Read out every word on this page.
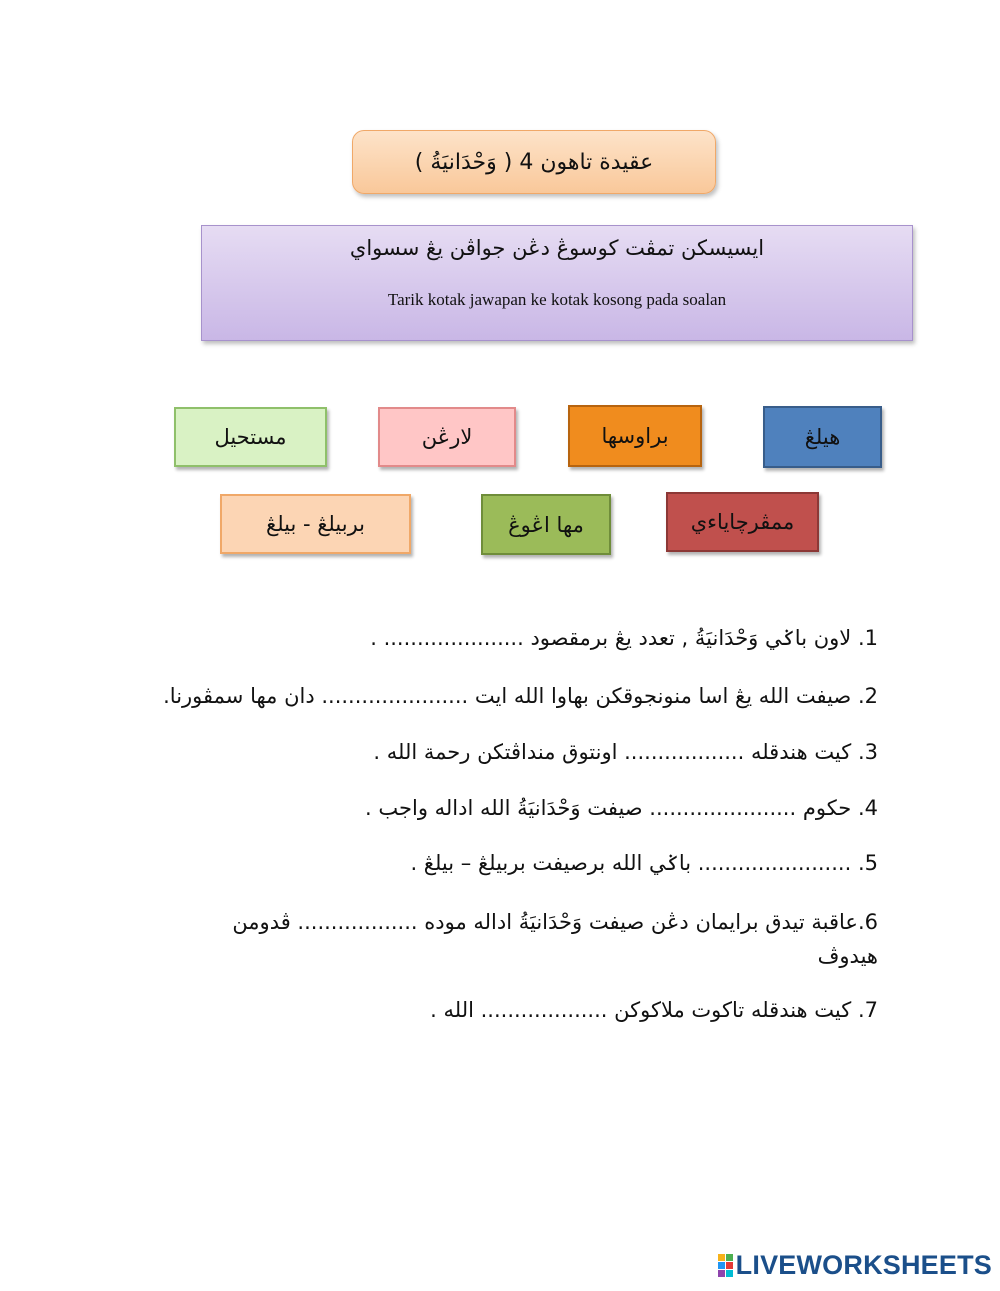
عقيدة تاهون 4 ( وَحْدَانيَةُ )
ايسيسکن تمڤت کوسوڠ دڠن جواڤن يڠ سسواي
Tarik kotak jawapan ke kotak kosong pada soalan
مستحيل	لارڠن	براوسها	هيلڠ
بربيلڠ - بيلڠ	مها اڠوڠ	ممڤرچاياءي
1. لاون باݢي وَحْدَانيَةُ , تعدد يڠ برمقصود ..................... .
2. صيفت الله يڠ اسا منونجوقکن بهاوا الله ايت ...................... دان مها سمڤورنا.
3. کيت هندقله .................. اونتوق منداڤتکن رحمة الله .
4. حکوم ...................... صيفت وَحْدَانيَةُ الله اداله واجب .
5. ....................... باݢي الله برصيفت بربيلڠ – بيلڠ .
6.عاقبة تيدق برايمان دڠن صيفت وَحْدَانيَةُ اداله موده .................. ڤدومن هيدوڤ
7. کيت هندقله تاکوت ملاکوکن ................... الله .
LIVEWORKSHEETS
